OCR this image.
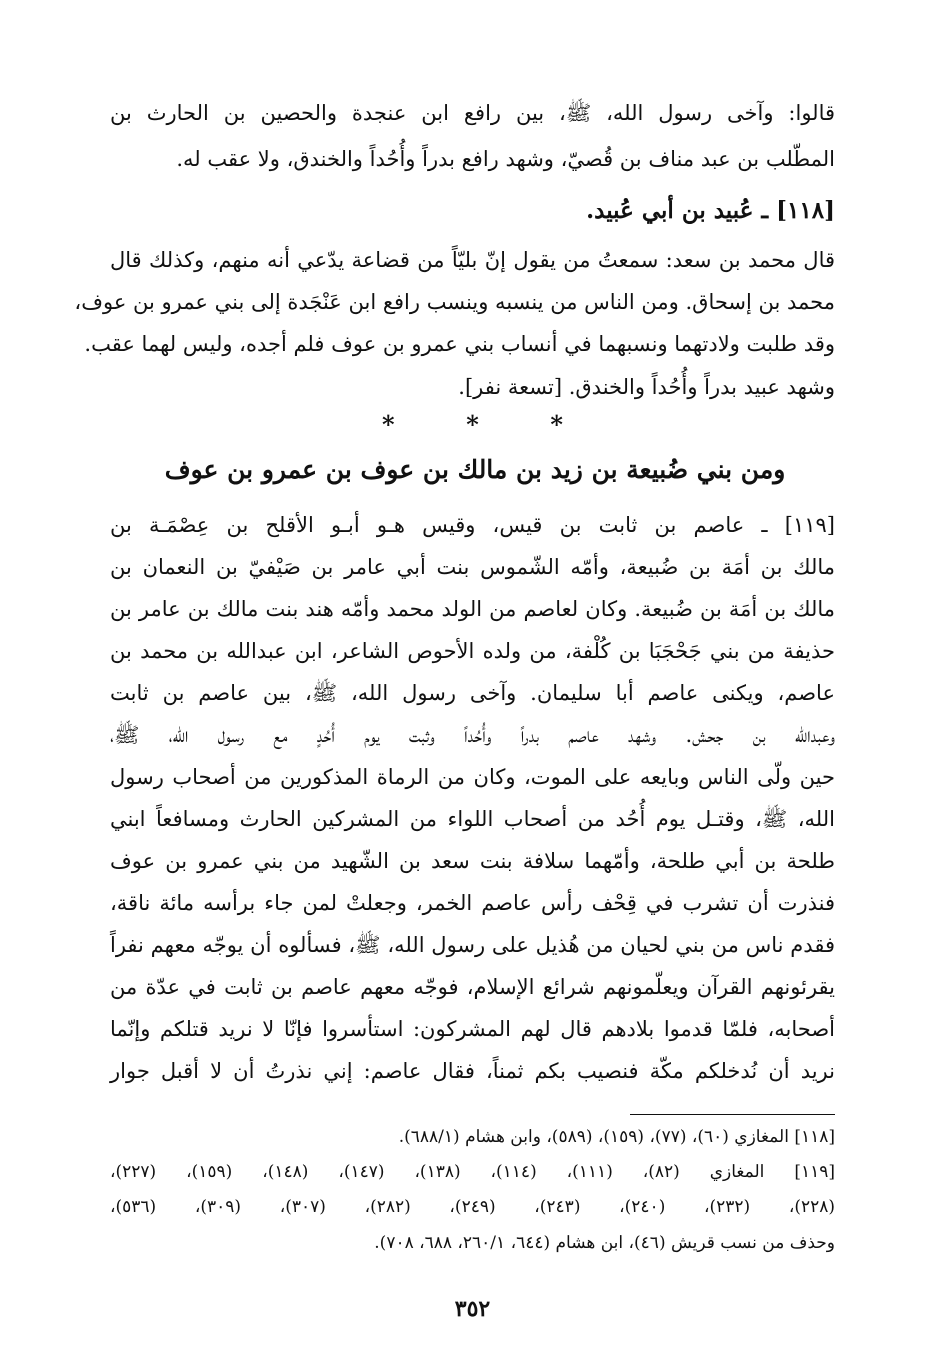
قالوا: وآخى رسول الله، ﷺ، بين رافع ابن عنجدة والحصين بن الحارث بن
المطّلب بن عبد مناف بن قُصيّ، وشهد رافع بدراً وأُحُداً والخندق، ولا عقب له.
[١١٨] ـ عُبيد بن أبي عُبيد.
قال محمد بن سعد: سمعتُ من يقول إنّ بليّاً من قضاعة يدّعي أنه منهم، وكذلك قال
محمد بن إسحاق. ومن الناس من ينسبه وينسب رافع ابن عَنْجَدة إلى بني عمرو بن عوف،
وقد طلبت ولادتهما ونسبهما في أنساب بني عمرو بن عوف فلم أجده، وليس لهما عقب.
وشهد عبيد بدراً وأُحُداً والخندق. [تسعة نفر].
* * *
ومن بني ضُبيعة بن زيد بن مالك بن عوف بن عمرو بن عوف
[١١٩] ـ عاصم بن ثابت بن قيس، وقيس هـو أبـو الأقلح بن عِصْمَـة بن
مالك بن أمَة بن ضُبيعة، وأمّه الشّموس بنت أبي عامر بن صَيْفيّ بن النعمان بن
مالك بن أمَة بن ضُبيعة. وكان لعاصم من الولد محمد وأمّه هند بنت مالك بن عامر بن
حذيفة من بني جَحْجَبَا بن كُلْفة، من ولده الأحوص الشاعر، ابن عبدالله بن محمد بن
عاصم، ويكنى عاصم أبا سليمان. وآخى رسول الله، ﷺ، بين عاصم بن ثابت
وعبدالله بن جحش. وشهد عاصم بدراً وأُحُداً وثبت يوم أُحُدٍ مع رسول الله، ﷺ،
حين ولّى الناس وبايعه على الموت، وكان من الرماة المذكورين من أصحاب رسول
الله، ﷺ، وقتـل يوم أُحُد من أصحاب اللواء من المشركين الحارث ومسافعاً ابني
طلحة بن أبي طلحة، وأمّهما سلافة بنت سعد بن الشّهيد من بني عمرو بن عوف
فنذرت أن تشرب في قِحْف رأس عاصم الخمر، وجعلتْ لمن جاء برأسه مائة ناقة،
فقدم ناس من بني لحيان من هُذيل على رسول الله، ﷺ، فسألوه أن يوجّه معهم نفراً
يقرئونهم القرآن ويعلّمونهم شرائع الإسلام، فوجّه معهم عاصم بن ثابت في عدّة من
أصحابه، فلمّا قدموا بلادهم قال لهم المشركون: استأسروا فإنّا لا نريد قتلكم وإنّما
نريد أن نُدخلكم مكّة فنصيب بكم ثمناً، فقال عاصم: إني نذرتُ أن لا أقبل جوار
[١١٨] المغازي (٦٠)، (٧٧)، (١٥٩)، (٥٨٩)، وابن هشام (٦٨٨/١).
[١١٩] المغازي (٨٢)، (١١١)، (١١٤)، (١٣٨)، (١٤٧)، (١٤٨)، (١٥٩)، (٢٢٧)،
(٢٢٨)، (٢٣٢)، (٢٤٠)، (٢٤٣)، (٢٤٩)، (٢٨٢)، (٣٠٧)، (٣٠٩)، (٥٣٦)،
وحذف من نسب قريش (٤٦)، ابن هشام (٦٤٤، ٢٦٠/١، ٦٨٨، ٧٠٨).
٣٥٢
